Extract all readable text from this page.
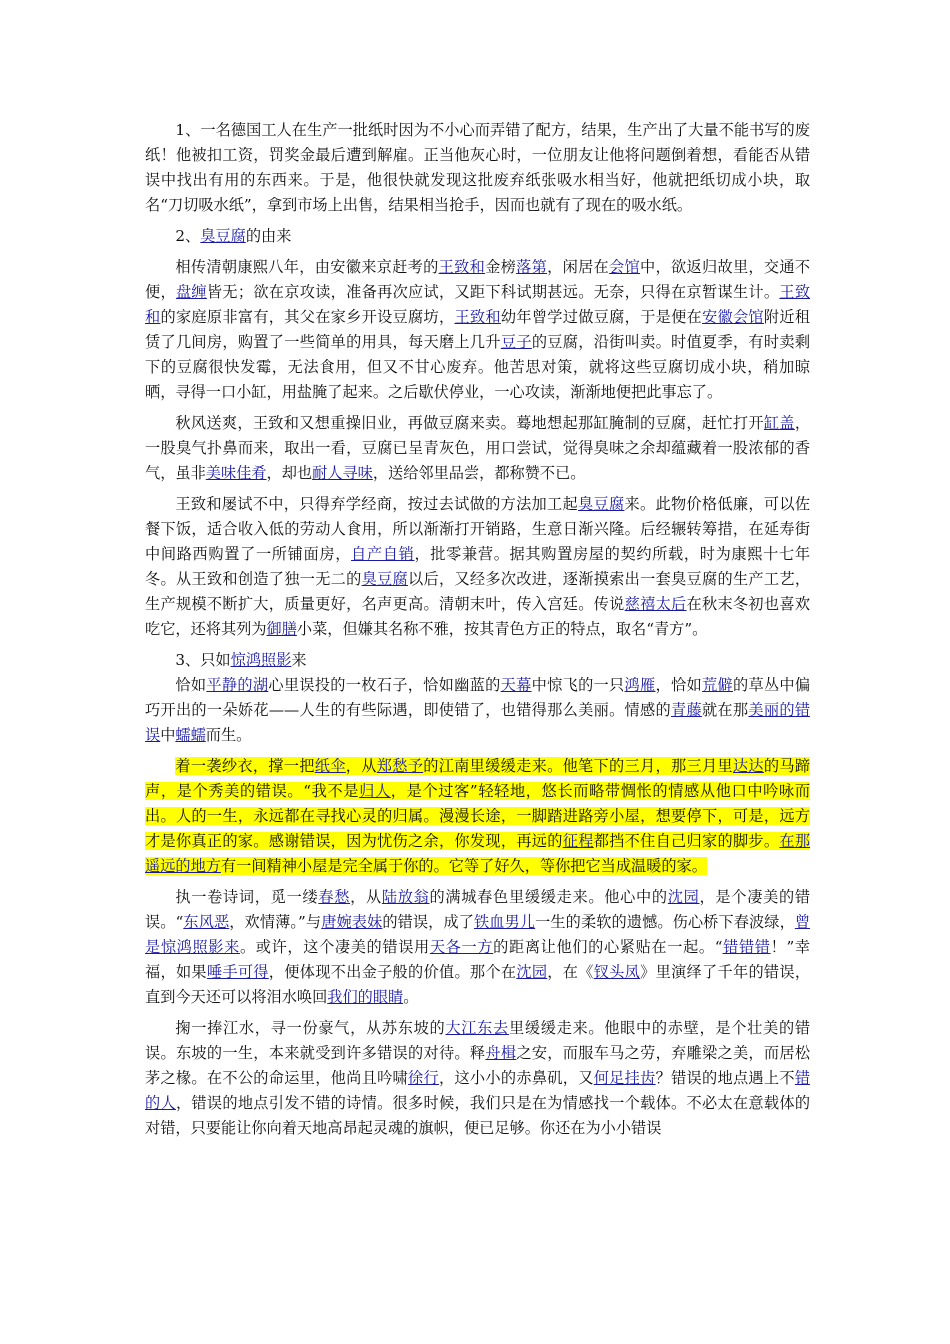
1、一名德国工人在生产一批纸时因为不小心而弄错了配方，结果，生产出了大量不能书写的废纸！他被扣工资，罚奖金最后遭到解雇。正当他灰心时，一位朋友让他将问题倒着想，看能否从错误中找出有用的东西来。于是，他很快就发现这批废弃纸张吸水相当好，他就把纸切成小块，取名“刀切吸水纸”，拿到市场上出售，结果相当抢手，因而也就有了现在的吸水纸。

2、臭豆腐的由来

相传清朝康熙八年，由安徽来京赶考的王致和金榜落第，闲居在会馆中，欲返归故里，交通不便，盘缠皆无；欲在京攻读，准备再次应试，又距下科试期甚远。无奈，只得在京暂谋生计。王致和的家庭原非富有，其父在家乡开设豆腐坊，王致和幼年曾学过做豆腐，于是便在安徽会馆附近租赁了几间房，购置了一些简单的用具，每天磨上几升豆子的豆腐，沿街叫卖。时值夏季，有时卖剩下的豆腐很快发霉，无法食用，但又不甘心废弃。他苦思对策，就将这些豆腐切成小块，稍加晾晒，寻得一口小缸，用盐腌了起来。之后歇伏停业，一心攻读，渐渐地便把此事忘了。

秋风送爽，王致和又想重操旧业，再做豆腐来卖。蓦地想起那缸腌制的豆腐，赶忙打开缸盖，一股臭气扑鼻而来，取出一看，豆腐已呈青灰色，用口尝试，觉得臭味之余却蕴藏着一股浓郁的香气，虽非美味佳肴，却也耐人寻味，送给邻里品尝，都称赞不已。

王致和屡试不中，只得弃学经商，按过去试做的方法加工起臭豆腐来。此物价格低廉，可以佐餐下饭，适合收入低的劳动人食用，所以渐渐打开销路，生意日渐兴隆。后经辗转筹措，在延寿街中间路西购置了一所铺面房，自产自销，批零兼营。据其购置房屋的契约所载，时为康熙十七年冬。从王致和创造了独一无二的臭豆腐以后，又经多次改进，逐渐摸索出一套臭豆腐的生产工艺，生产规模不断扩大，质量更好，名声更高。清朝末叶，传入宫廷。传说慈禧太后在秋末冬初也喜欢吃它，还将其列为御膳小菜，但嫌其名称不雅，按其青色方正的特点，取名“青方”。

3、只如惊鸿照影来

恰如平静的湖心里误投的一枚石子，恰如幽蓝的天幕中惊飞的一只鸿雁，恰如荒僻的草丛中偏巧开出的一朵娇花——人生的有些际遇，即使错了，也错得那么美丽。情感的青藤就在那美丽的错误中蠕蠕而生。

着一袭纱衣，撑一把纸伞，从郑愁予的江南里缓缓走来。他笔下的三月，那三月里达达的马蹄声，是个秀美的错误。“我不是归人，是个过客”轻轻地，悠长而略带惆怅的情感从他口中吟咏而出。人的一生，永远都在寻找心灵的归属。漫漫长途，一脚踏进路旁小屋，想要停下，可是，远方才是你真正的家。感谢错误，因为忧伤之余，你发现，再远的征程都挡不住自己归家的脚步。在那遥远的地方有一间精神小屋是完全属于你的。它等了好久，等你把它当成温暖的家。

执一卷诗词，觅一缕春愁，从陆放翁的满城春色里缓缓走来。他心中的沈园，是个凄美的错误。“东风恶，欢情薄。”与唐婉表妹的错误，成了铁血男儿一生的柔软的遗憾。伤心桥下春波绿，曾是惊鸿照影来。或许，这个凄美的错误用天各一方的距离让他们的心紧贴在一起。“错错错！”幸福，如果唾手可得，便体现不出金子般的价值。那个在沈园，在《钗头凤》里演绎了千年的错误， 直到今天还可以将泪水唤回我们的眼睛。

掬一捧江水，寻一份豪气，从苏东坡的大江东去里缓缓走来。他眼中的赤壁，是个壮美的错误。东坡的一生，本来就受到许多错误的对待。释舟楫之安，而服车马之劳，弃雕梁之美，而居松茅之椽。在不公的命运里，他尚且吟啸徐行，这小小的赤鼻矶，又何足挂齿？错误的地点遇上不错的人，错误的地点引发不错的诗情。很多时候，我们只是在为情感找一个载体。不必太在意载体的对错，只要能让你向着天地高昂起灵魂的旗帜，便已足够。你还在为小小错误
